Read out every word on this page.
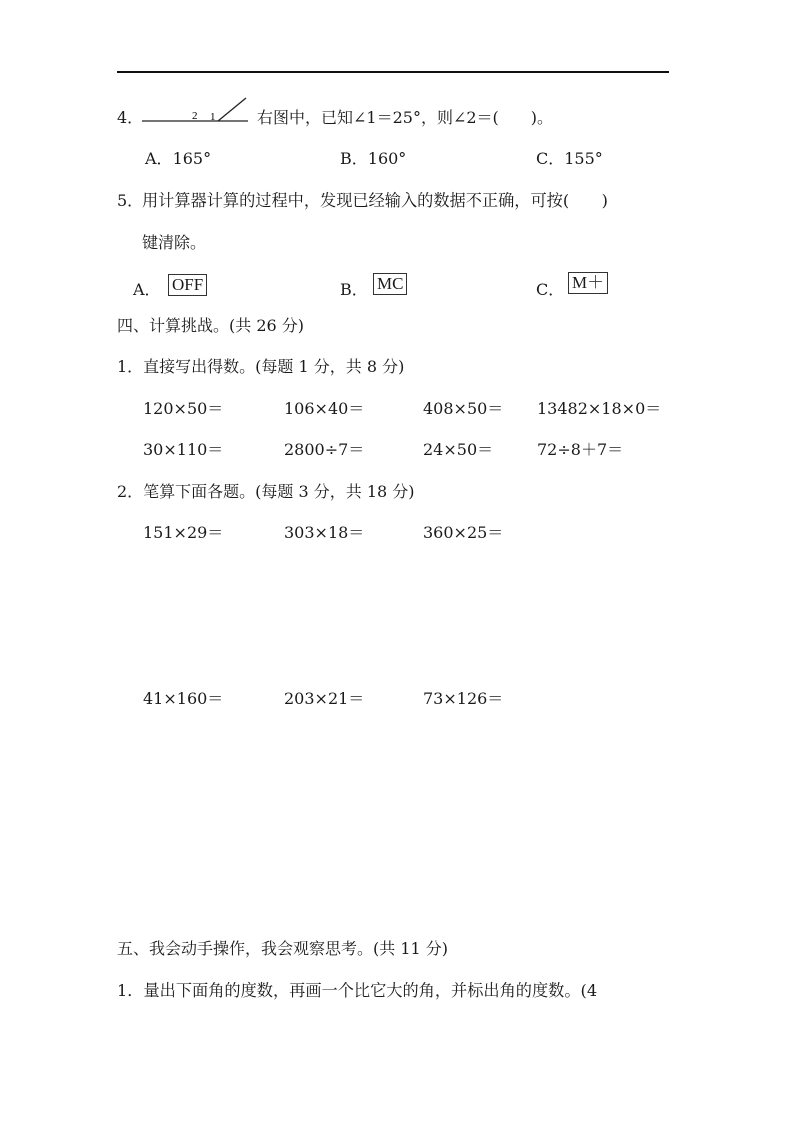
4．	2 1	右图中，已知∠1＝25°，则∠2＝(　　)。
A．165°	B．160°	C．155°
5．
用计算器计算的过程中，发现已经输入的数据不正确，可按(　　)
键清除。
A． OFF	B． MC	C． M＋
四、计算挑战。(共 26 分)
1．直接写出得数。(每题 1 分，共 8 分)
120×50＝	106×40＝	408×50＝ 13482×18×0＝
30×110＝	2800÷7＝	24×50＝	72÷8＋7＝
2．笔算下面各题。(每题 3 分，共 18 分)
151×29＝	303×18＝	360×25＝
41×160＝	203×21＝	73×126＝
五、我会动手操作，我会观察思考。(共 11 分)
1．量出下面角的度数，再画一个比它大的角，并标出角的度数。(4
